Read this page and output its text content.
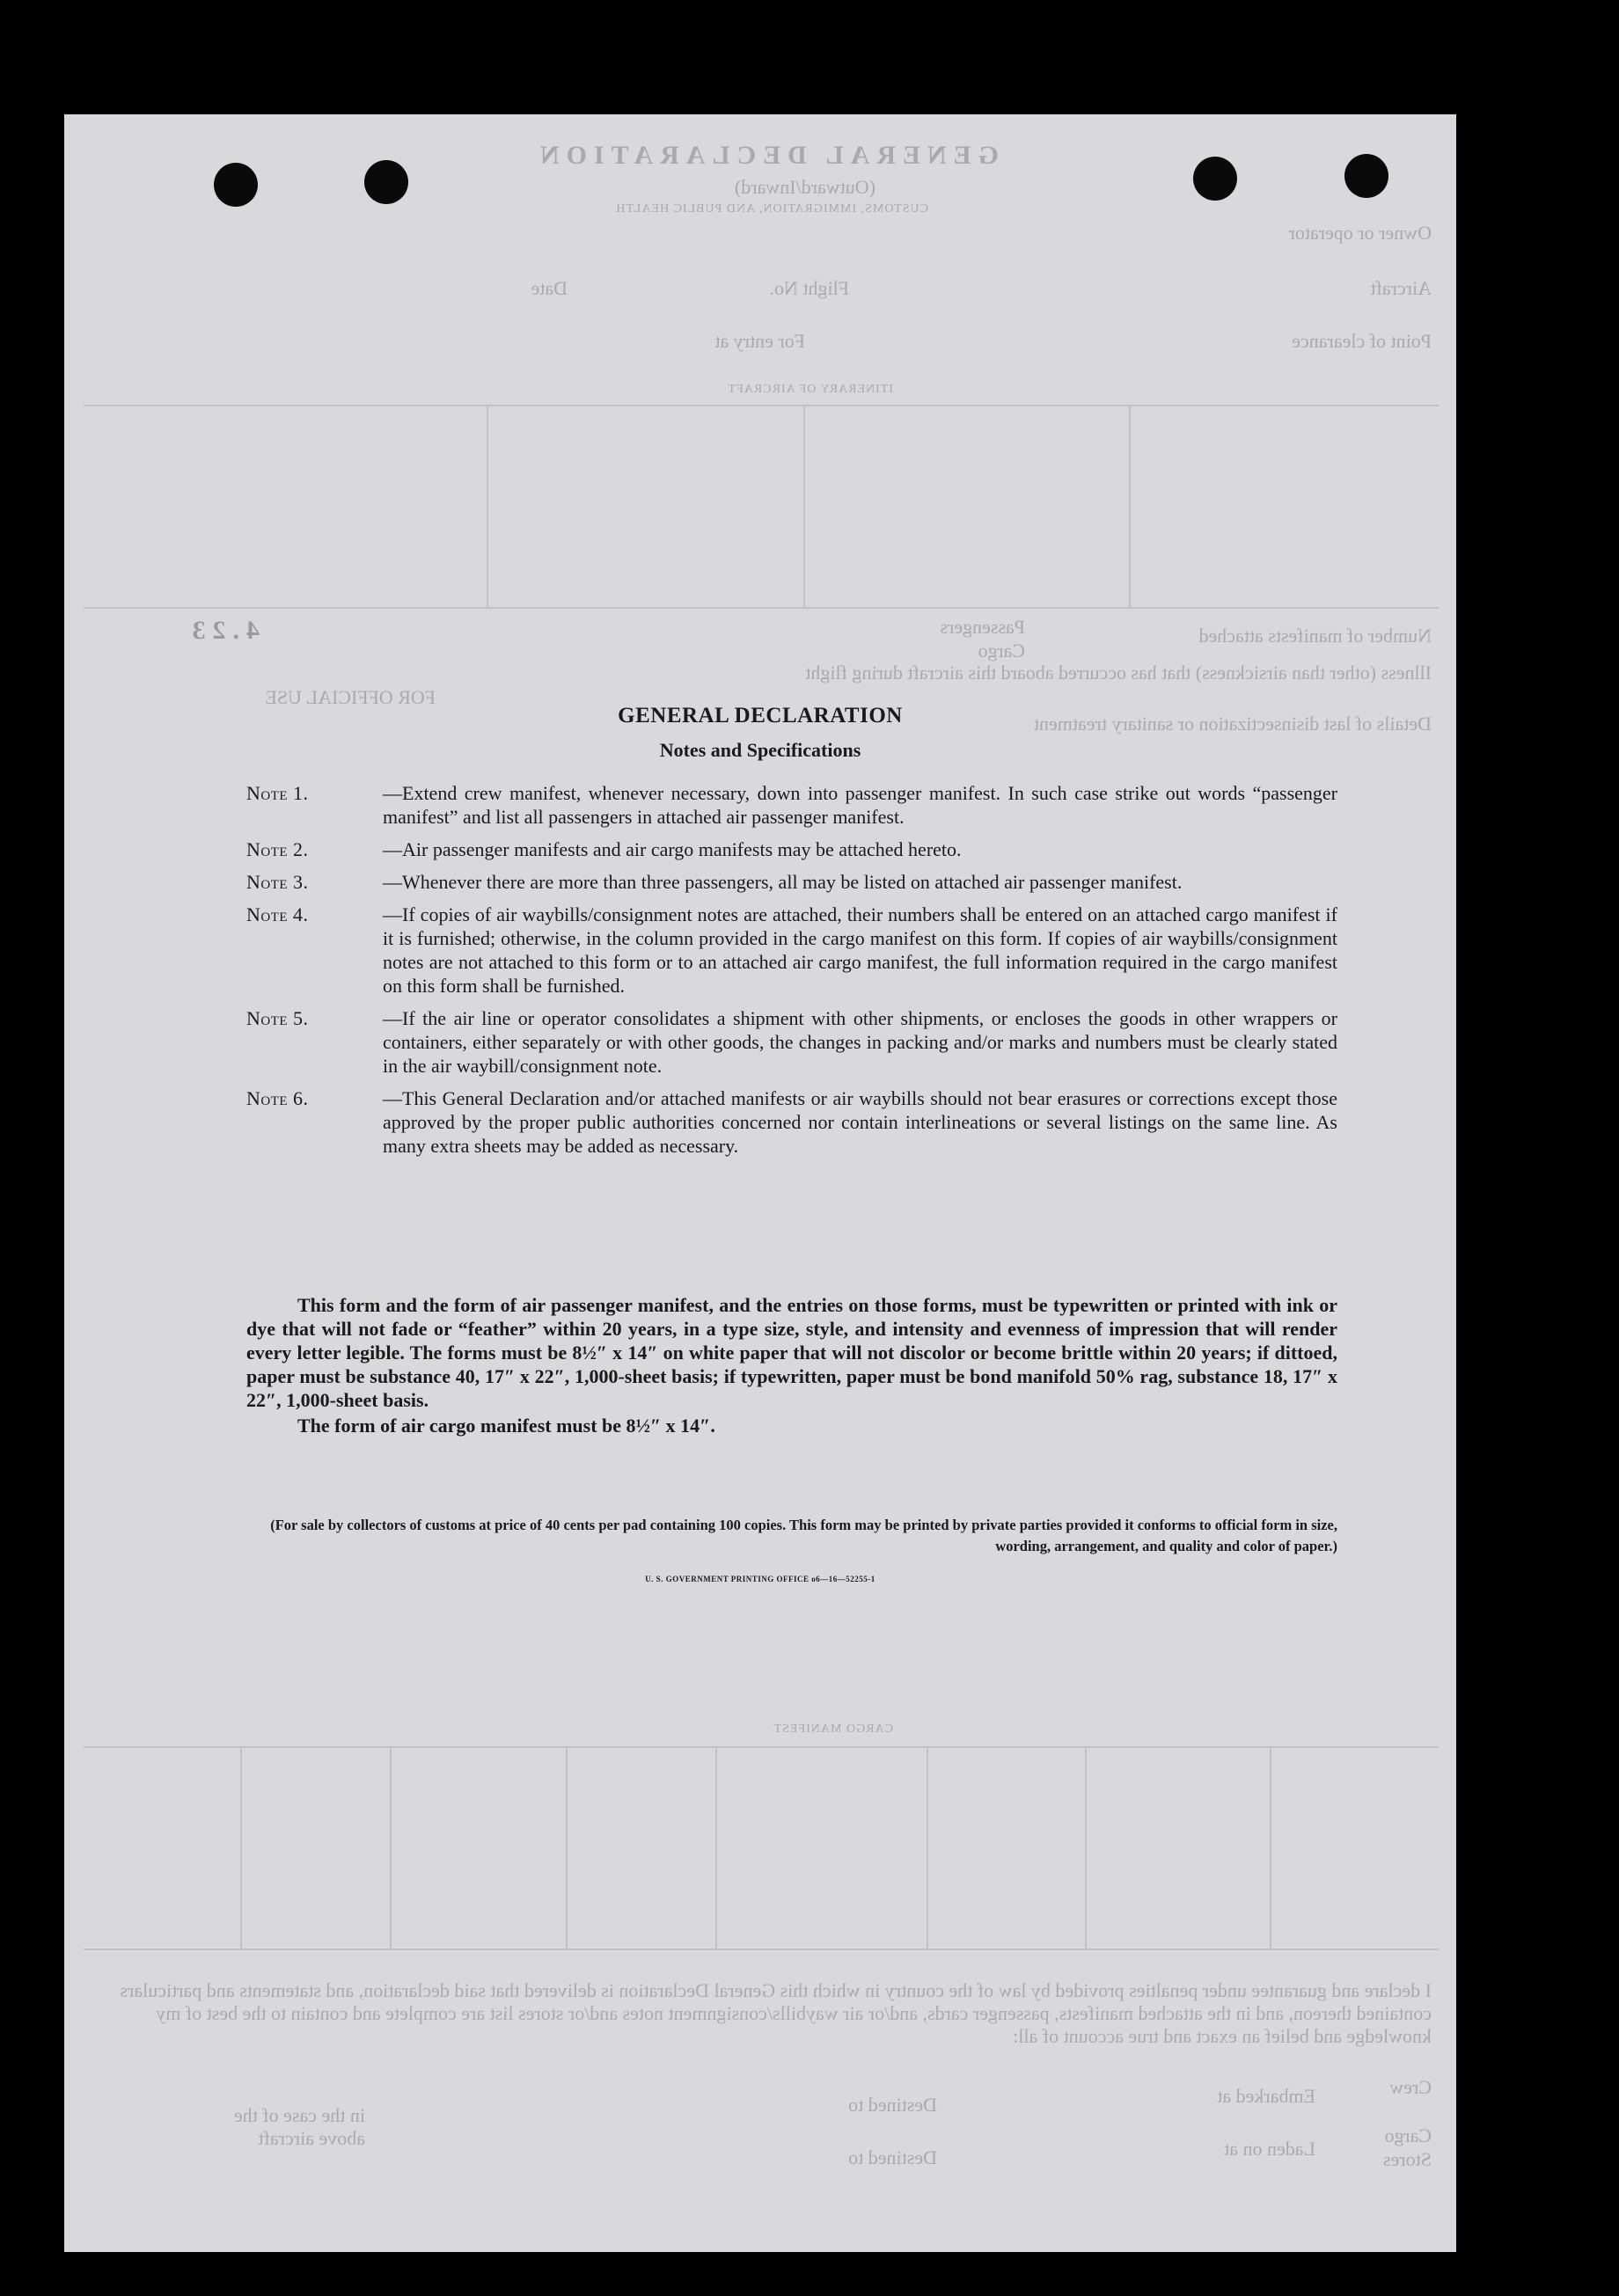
GENERAL DECLARATION
(Outward/Inward)
CUSTOMS, IMMIGRATION, AND PUBLIC HEALTH
Owner or operator
Aircraft
Flight No.
Date
Point of clearance
For entry at
ITINERARY OF AIRCRAFT
Number of manifests attached
Passengers
Cargo
Illness (other than airsickness) that has occurred aboard this aircraft during flight
Details of last disinsectization or sanitary treatment
FOR OFFICIAL USE
4.23
CARGO MANIFEST
I declare and guarantee under penalties provided by law of the country in which this General Declaration is delivered that said declaration, and statements and particulars contained thereon, and in the attached manifests, passenger cards, and/or air waybills/consignment notes and/or stores list are complete and contain to the best of my knowledge and belief an exact and true account of all:
Crew
Cargo
Stores
Embarked at
Laden on at
Destined to
Destined to
in the case of the above aircraft
GENERAL DECLARATION
Notes and Specifications
Note 1.	—Extend crew manifest, whenever necessary, down into passenger manifest. In such case strike out words “passenger manifest” and list all passengers in attached air passenger manifest.
Note 2.	—Air passenger manifests and air cargo manifests may be attached hereto.
Note 3.	—Whenever there are more than three passengers, all may be listed on attached air passenger manifest.
Note 4.	—If copies of air waybills/consignment notes are attached, their numbers shall be entered on an attached cargo manifest if it is furnished; otherwise, in the column provided in the cargo manifest on this form. If copies of air waybills/consignment notes are not attached to this form or to an attached air cargo manifest, the full information required in the cargo manifest on this form shall be furnished.
Note 5.	—If the air line or operator consolidates a shipment with other shipments, or encloses the goods in other wrappers or containers, either separately or with other goods, the changes in packing and/or marks and numbers must be clearly stated in the air waybill/consignment note.
Note 6.	—This General Declaration and/or attached manifests or air waybills should not bear erasures or corrections except those approved by the proper public authorities concerned nor contain interlineations or several listings on the same line. As many extra sheets may be added as necessary.
This form and the form of air passenger manifest, and the entries on those forms, must be typewritten or printed with ink or dye that will not fade or “feather” within 20 years, in a type size, style, and intensity and evenness of impression that will render every letter legible. The forms must be 8½″ x 14″ on white paper that will not discolor or become brittle within 20 years; if dittoed, paper must be substance 40, 17″ x 22″, 1,000-sheet basis; if typewritten, paper must be bond manifold 50% rag, substance 18, 17″ x 22″, 1,000-sheet basis.
The form of air cargo manifest must be 8½″ x 14″.
(For sale by collectors of customs at price of 40 cents per pad containing 100 copies. This form may be printed by private parties provided it conforms to official form in size, wording, arrangement, and quality and color of paper.)
U. S. GOVERNMENT PRINTING OFFICE o6—16—52255-1
